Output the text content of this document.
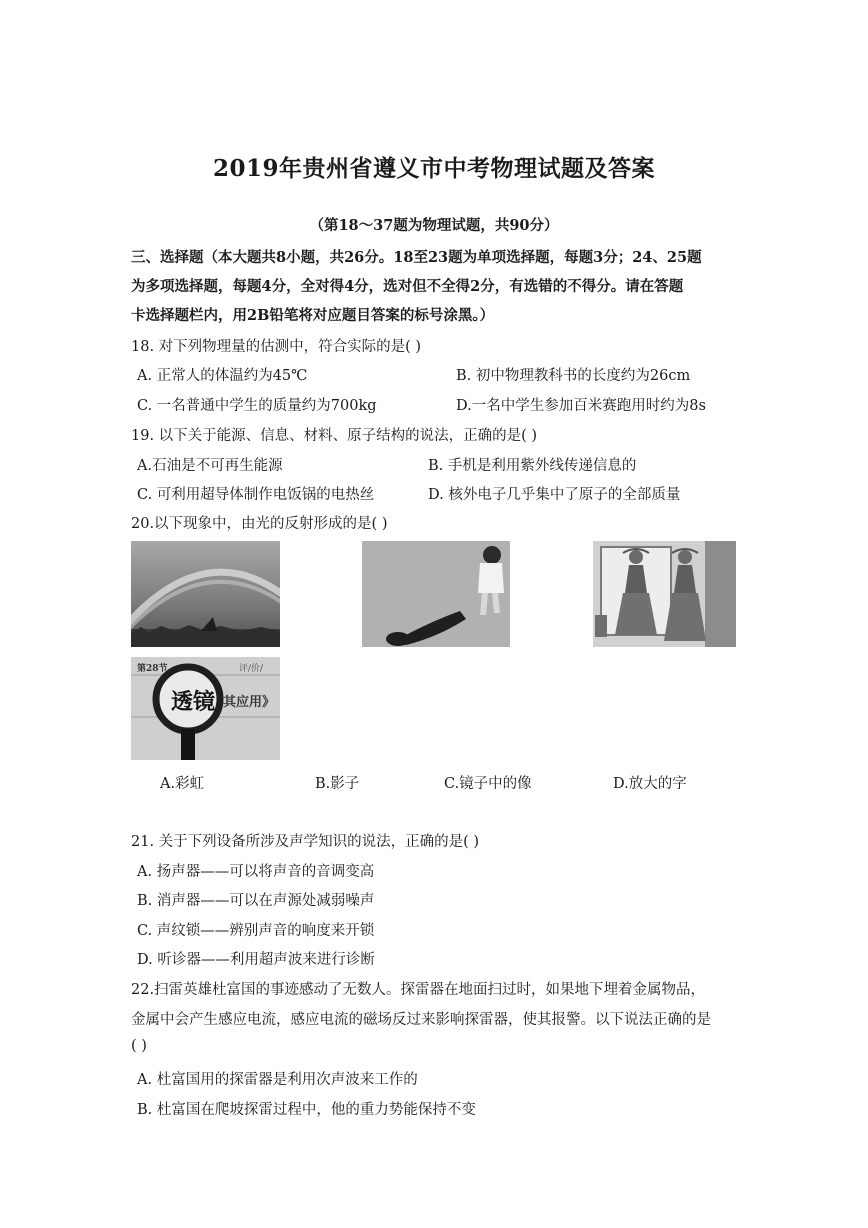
2019年贵州省遵义市中考物理试题及答案
（第18～37题为物理试题，共90分）
三、选择题（本大题共8小题，共26分。18至23题为单项选择题，每题3分；24、25题
为多项选择题，每题4分，全对得4分，选对但不全得2分，有选错的不得分。请在答题
卡选择题栏内，用2B铅笔将对应题目答案的标号涂黑。）
18. 对下列物理量的估测中，符合实际的是( )
A. 正常人的体温约为45℃	B. 初中物理教科书的长度约为26cm
C. 一名普通中学生的质量约为700kg	D.一名中学生参加百米赛跑用时约为8s
19. 以下关于能源、信息、材料、原子结构的说法，正确的是( )
A.石油是不可再生能源	B. 手机是利用紫外线传递信息的
C. 可利用超导体制作电饭锅的电热丝	D. 核外电子几乎集中了原子的全部质量
20.以下现象中，由光的反射形成的是( )
第28节	评/价/
透镜 其应用》
A.彩虹	B.影子	C.镜子中的像	D.放大的字
21. 关于下列设备所涉及声学知识的说法，正确的是( )
A. 扬声器——可以将声音的音调变高
B. 消声器——可以在声源处减弱噪声
C. 声纹锁——辨别声音的响度来开锁
D. 听诊器——利用超声波来进行诊断
22.扫雷英雄杜富国的事迹感动了无数人。探雷器在地面扫过时，如果地下埋着金属物品，
金属中会产生感应电流，感应电流的磁场反过来影响探雷器，使其报警。以下说法正确的是
( )
A. 杜富国用的探雷器是利用次声波来工作的
B. 杜富国在爬坡探雷过程中，他的重力势能保持不变
